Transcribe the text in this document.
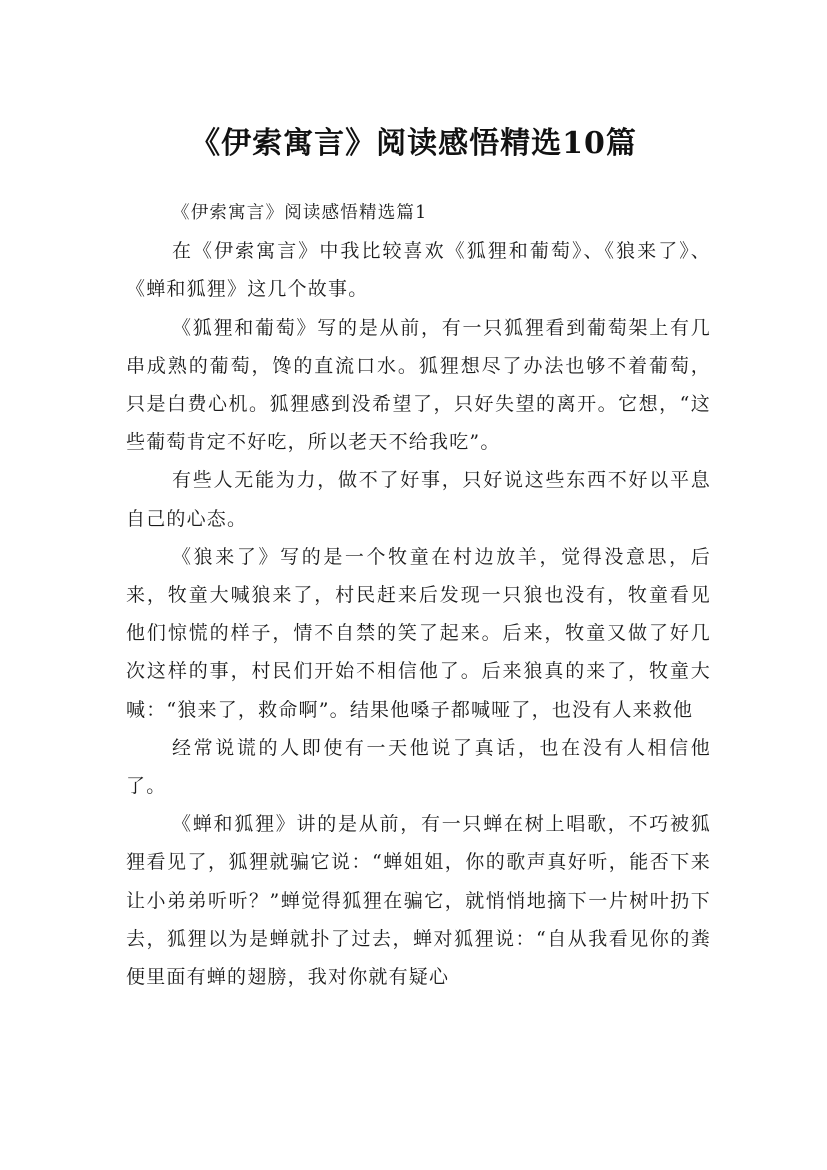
《伊索寓言》阅读感悟精选10篇

《伊索寓言》阅读感悟精选篇1

在《伊索寓言》中我比较喜欢《狐狸和葡萄》、《狼来了》、《蝉和狐狸》这几个故事。

《狐狸和葡萄》写的是从前，有一只狐狸看到葡萄架上有几串成熟的葡萄，馋的直流口水。狐狸想尽了办法也够不着葡萄，只是白费心机。狐狸感到没希望了，只好失望的离开。它想，“这些葡萄肯定不好吃，所以老天不给我吃”。

有些人无能为力，做不了好事，只好说这些东西不好以平息自己的心态。

《狼来了》写的是一个牧童在村边放羊，觉得没意思，后来，牧童大喊狼来了，村民赶来后发现一只狼也没有，牧童看见他们惊慌的样子，情不自禁的笑了起来。后来，牧童又做了好几次这样的事，村民们开始不相信他了。后来狼真的来了，牧童大喊：“狼来了，救命啊”。结果他嗓子都喊哑了，也没有人来救他

经常说谎的人即使有一天他说了真话，也在没有人相信他了。

《蝉和狐狸》讲的是从前，有一只蝉在树上唱歌，不巧被狐狸看见了，狐狸就骗它说：“蝉姐姐，你的歌声真好听，能否下来让小弟弟听听？”蝉觉得狐狸在骗它，就悄悄地摘下一片树叶扔下去，狐狸以为是蝉就扑了过去，蝉对狐狸说：“自从我看见你的粪便里面有蝉的翅膀，我对你就有疑心
